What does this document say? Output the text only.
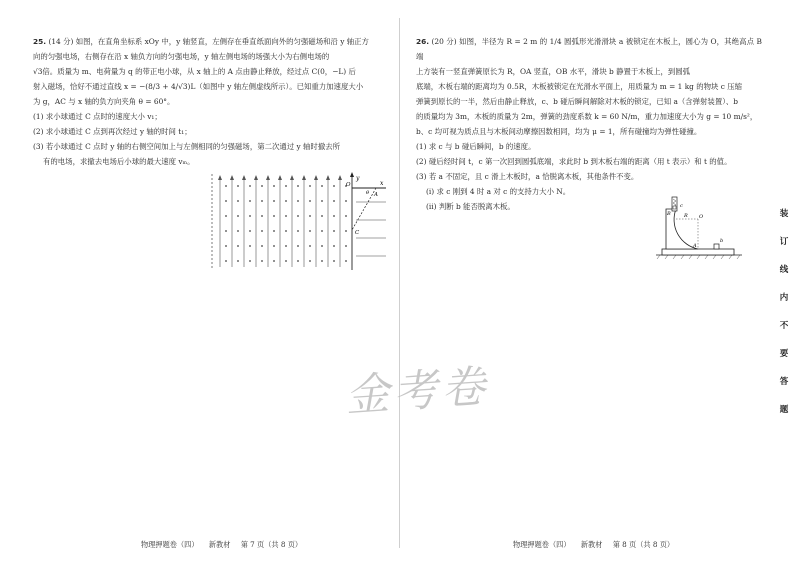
25. (14 分) 如图，在直角坐标系 xOy 中，y 轴竖直，左侧存在垂直纸面向外的匀强磁场和沿 y 轴正方

向的匀强电场，右侧存在沿 x 轴负方向的匀强电场，y 轴左侧电场的场强大小为右侧电场的

√3倍。质量为 m、电荷量为 q 的带正电小球，从 x 轴上的 A 点由静止释放，经过点 C(0，−L) 后

射入磁场，恰好不通过直线 x = −(8/3 + 4/√3)L（如图中 y 轴左侧虚线所示）。已知重力加速度大小

为 g，AC 与 x 轴的负方向夹角 θ = 60°。

(1) 求小球通过 C 点时的速度大小 v₁；

(2) 求小球通过 C 点到再次经过 y 轴的时间 t₁；

(3) 若小球通过 C 点时 y 轴的右侧空间加上与左侧相同的匀强磁场，第二次通过 y 轴时撤去所

有的电场，求撤去电场后小球的最大速度 vₘ。

y
x
O
A
C
θ
物理押题卷（四） 新教材 第 7 页（共 8 页）

26. (20 分) 如图，半径为 R = 2 m 的 1/4 圆弧形光滑滑块 a 被锁定在木板上，圆心为 O，其绝高点 B 端

上方装有一竖直弹簧原长为 R，OA 竖直，OB 水平，滑块 b 静置于木板上，到圆弧

底端，木板右端的距离均为 0.5R，木板被锁定在光滑水平面上，用质量为 m = 1 kg 的物块 c 压缩

弹簧到原长的一半，然后由静止释放，c、b 碰后瞬间解除对木板的锁定，已知 a（含弹射装置）、b

的质量均为 3m，木板的质量为 2m，弹簧的劲度系数 k = 60 N/m，重力加速度大小为 g = 10 m/s²，

b、c 均可视为质点且与木板间动摩擦因数相同，均为 μ = 1，所有碰撞均为弹性碰撞。

(1) 求 c 与 b 碰后瞬间，b 的速度。

(2) 碰后经时间 t，c 第一次回到圆弧底端，求此时 b 到木板右端的距离（用 t 表示）和 t 的值。

(3) 若 a 不固定，且 c 滑上木板时，a 恰脱离木板，其他条件不变。

(i) 求 c 刚到 4 时 a 对 c 的支持力大小 N。

(ii) 判断 b 能否脱离木板。

B
c
R O
A
b
物理押题卷（四） 新教材 第 8 页（共 8 页）
装
订
线
内
不
要
答
题
金考卷
